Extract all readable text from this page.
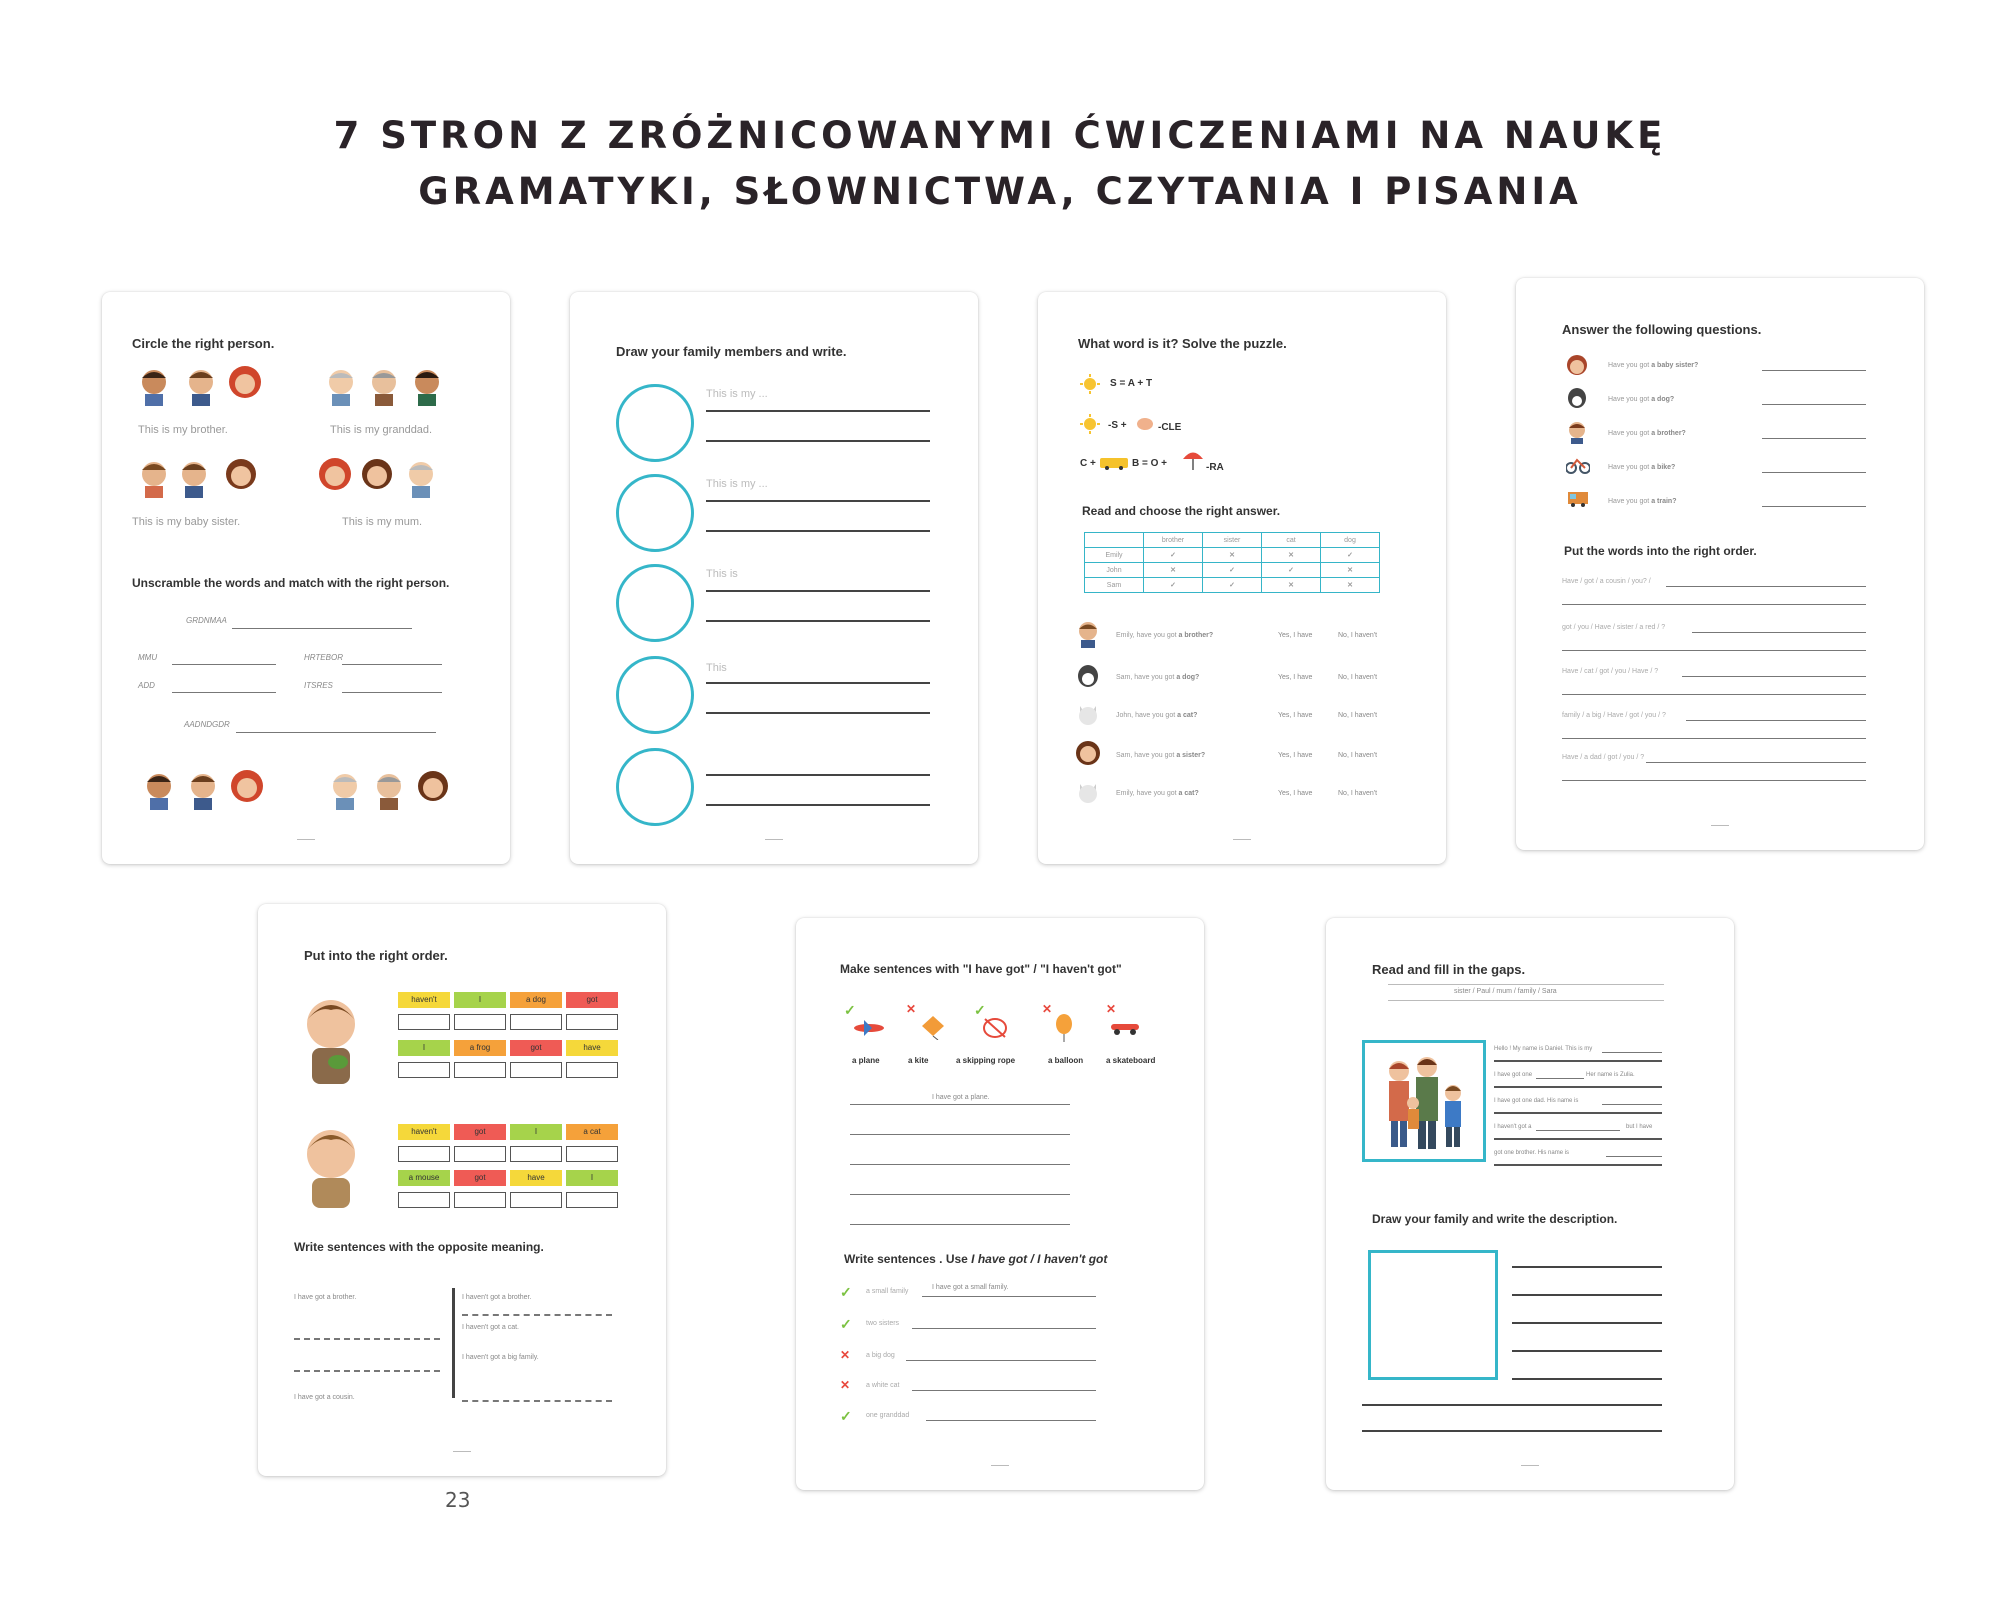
7 STRON Z ZRÓŻNICOWANYMI ĆWICZENIAMI NA NAUKĘ
GRAMATYKI, SŁOWNICTWA, CZYTANIA I PISANIA
Circle the right person.
This is my brother.	This is my granddad.
This is my baby sister.	This is my mum.
Unscramble the words and match with the right person.
GRDNMAA
MMU	HRTEBOR
ADD	ITSRES
AADNDGDR
Draw your family members and write.
This is my ...
This is my ...
This is
This
What word is it? Solve the puzzle.
S = A + T
-S +	-CLE
C +	B = O +	-RA
Read and choose the right answer.
	brother	sister	cat	dog
Emily	✓	✕	✕	✓
John	✕	✓	✓	✕
Sam	✓	✓	✕	✕
Emily, have you got a brother?	Yes, I have	No, I haven't
Sam, have you got a dog?	Yes, I have	No, I haven't
John, have you got a cat?	Yes, I have	No, I haven't
Sam, have you got a sister?	Yes, I have	No, I haven't
Emily, have you got a cat?	Yes, I have	No, I haven't
Answer the following questions.
Have you got a baby sister?
Have you got a dog?
Have you got a brother?
Have you got a bike?
Have you got a train?
Put the words into the right order.
Have / got / a cousin / you? /
got / you / Have / sister / a red / ?
Have / cat / got / you / Have / ?
family / a big / Have / got / you / ?
Have / a dad / got / you / ?
Put into the right order.
haven't	I	a dog	got
I	a frog	got	have
haven't	got	I	a cat
a mouse	got	have	I
Write sentences with the opposite meaning.
I have got a brother.
I have got a cousin.
I haven't got a brother.
I haven't got a cat.
I haven't got a big family.
Make sentences with "I have got" / "I haven't got"
✓	✕	✓	✕	✕
a plane	a kite	a skipping rope	a balloon	a skateboard
I have got a plane.
Write sentences . Use I have got / I haven't got
✓ a small family
I have got a small family.
✓ two sisters
✕ a big dog
✕ a white cat
✓ one granddad
Read and fill in the gaps.
sister / Paul / mum / family / Sara
Hello ! My name is Daniel. This is my
I have got one	Her name is Zulia.
I have got one dad. His name is
I haven't got a	but I have
got one brother. His name is
Draw your family and write the description.
23
